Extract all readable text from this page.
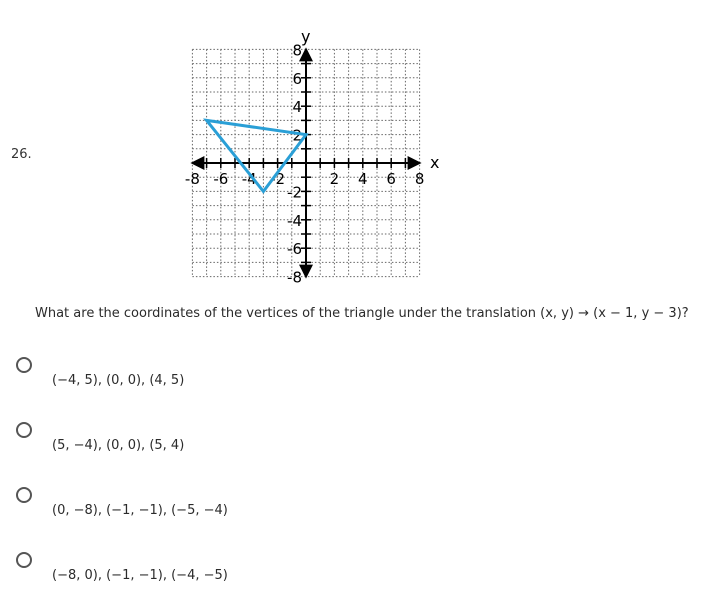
26.
-8 -6 -4 -2	2 4 6 8
8
6
4
2
-2
-4
-6
-8
x
y
What are the coordinates of the vertices of the triangle under the translation (x, y) → (x − 1, y − 3)?
(−4, 5), (0, 0), (4, 5)
(5, −4), (0, 0), (5, 4)
(0, −8), (−1, −1), (−5, −4)
(−8, 0), (−1, −1), (−4, −5)
